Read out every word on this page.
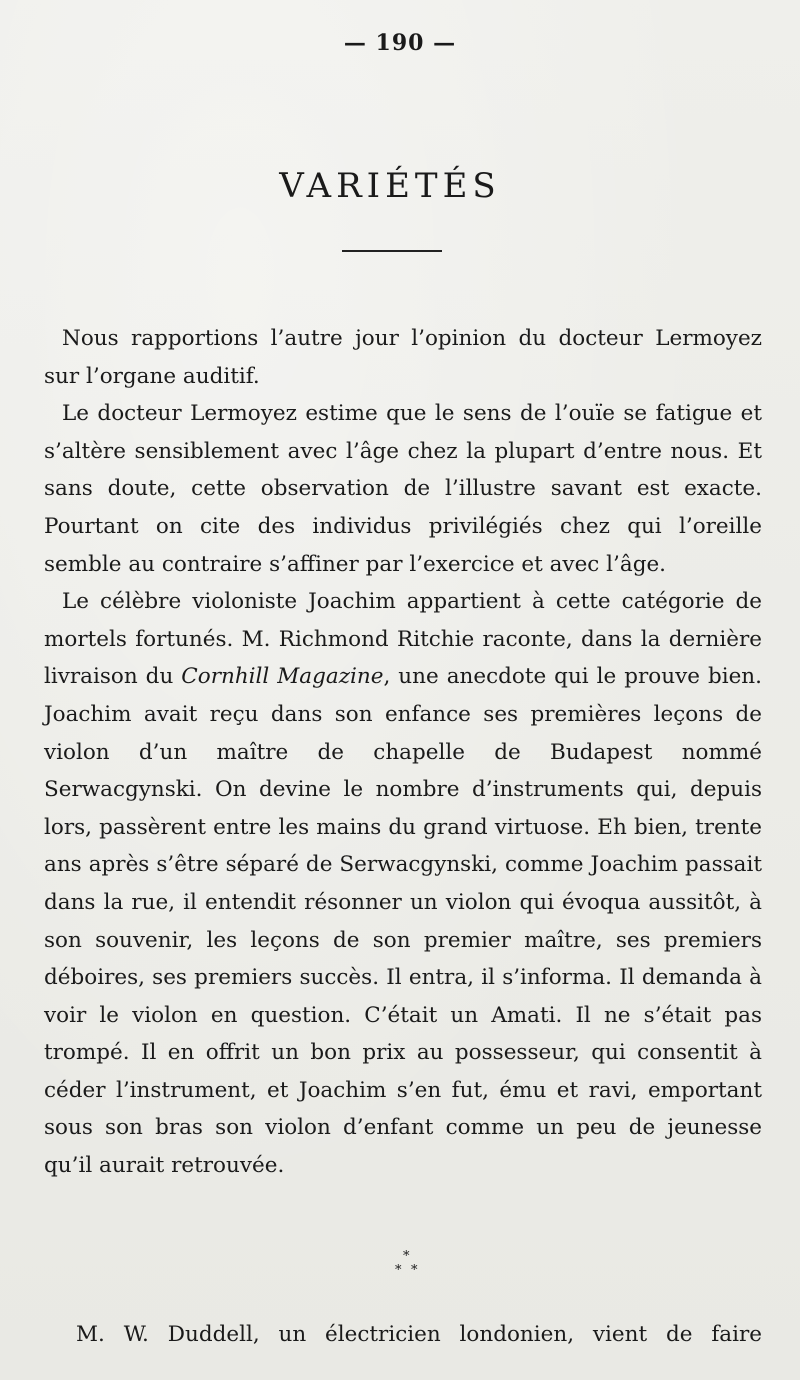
— 190 —
VARIÉTÉS

Nous rapportions l’autre jour l’opinion du docteur Lermoyez sur l’organe auditif.

Le docteur Lermoyez estime que le sens de l’ouïe se fatigue et s’altère sensiblement avec l’âge chez la plupart d’entre nous. Et sans doute, cette observation de l’illustre savant est exacte. Pourtant on cite des individus privilégiés chez qui l’oreille semble au contraire s’affiner par l’exercice et avec l’âge.

Le célèbre violoniste Joachim appartient à cette catégorie de mortels fortunés. M. Richmond Ritchie raconte, dans la dernière livraison du Cornhill Magazine, une anecdote qui le prouve bien. Joachim avait reçu dans son enfance ses premières leçons de violon d’un maître de chapelle de Budapest nommé Serwacgynski. On devine le nombre d’instruments qui, depuis lors, passèrent entre les mains du grand virtuose. Eh bien, trente ans après s’être séparé de Serwacgynski, comme Joachim passait dans la rue, il entendit résonner un violon qui évoqua aussitôt, à son souvenir, les leçons de son premier maître, ses premiers déboires, ses premiers succès. Il entra, il s’informa. Il demanda à voir le violon en question. C’était un Amati. Il ne s’était pas trompé. Il en offrit un bon prix au possesseur, qui consentit à céder l’instrument, et Joachim s’en fut, ému et ravi, emportant sous son bras son violon d’enfant comme un peu de jeunesse qu’il aurait retrouvée.

*
* *

M. W. Duddell, un électricien londonien, vient de faire
